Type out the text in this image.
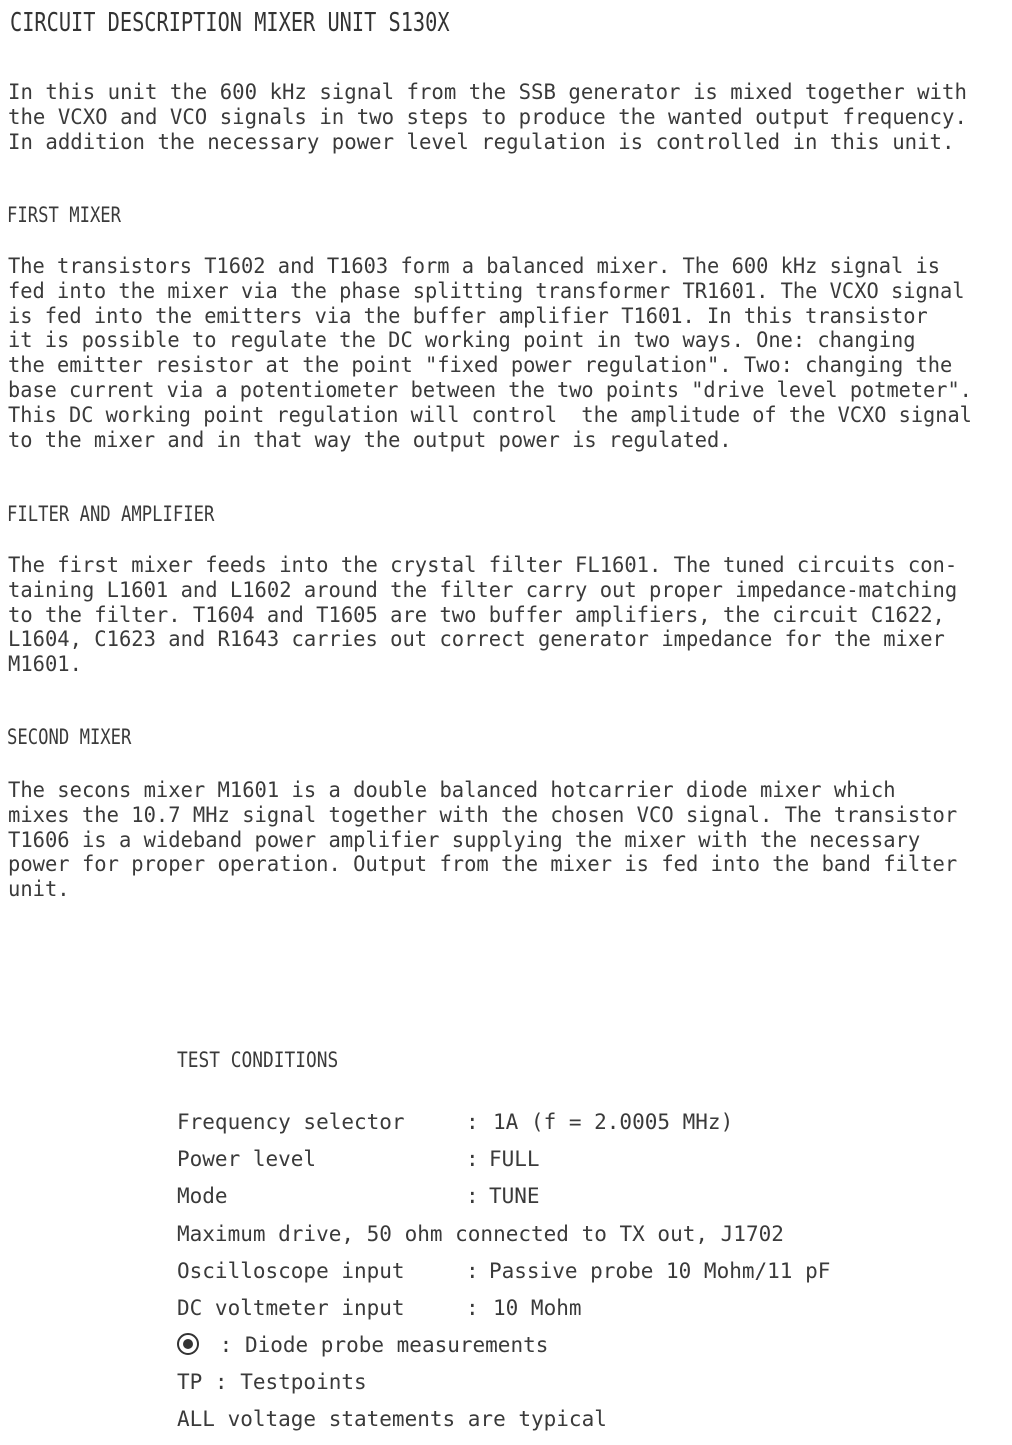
CIRCUIT DESCRIPTION MIXER UNIT S130X
In this unit the 600 kHz signal from the SSB generator is mixed together with
the VCXO and VCO signals in two steps to produce the wanted output frequency.
In addition the necessary power level regulation is controlled in this unit.
FIRST MIXER
The transistors T1602 and T1603 form a balanced mixer. The 600 kHz signal is
fed into the mixer via the phase splitting transformer TR1601. The VCXO signal
is fed into the emitters via the buffer amplifier T1601. In this transistor
it is possible to regulate the DC working point in two ways. One: changing
the emitter resistor at the point "fixed power regulation". Two: changing the
base current via a potentiometer between the two points "drive level potmeter".
This DC working point regulation will control  the amplitude of the VCXO signal
to the mixer and in that way the output power is regulated.
FILTER AND AMPLIFIER
The first mixer feeds into the crystal filter FL1601. The tuned circuits con-
taining L1601 and L1602 around the filter carry out proper impedance-matching
to the filter. T1604 and T1605 are two buffer amplifiers, the circuit C1622,
L1604, C1623 and R1643 carries out correct generator impedance for the mixer
M1601.
SECOND MIXER
The secons mixer M1601 is a double balanced hotcarrier diode mixer which
mixes the 10.7 MHz signal together with the chosen VCO signal. The transistor
T1606 is a wideband power amplifier supplying the mixer with the necessary
power for proper operation. Output from the mixer is fed into the band filter
unit.
TEST CONDITIONS
Frequency selector	: 1A (f = 2.0005 MHz)
Power level	: FULL
Mode	: TUNE
Maximum drive, 50 ohm connected to TX out, J1702
Oscilloscope input	: Passive probe 10 Mohm/11 pF
DC voltmeter input	: 10 Mohm
: Diode probe measurements
TP : Testpoints
ALL voltage statements are typical
